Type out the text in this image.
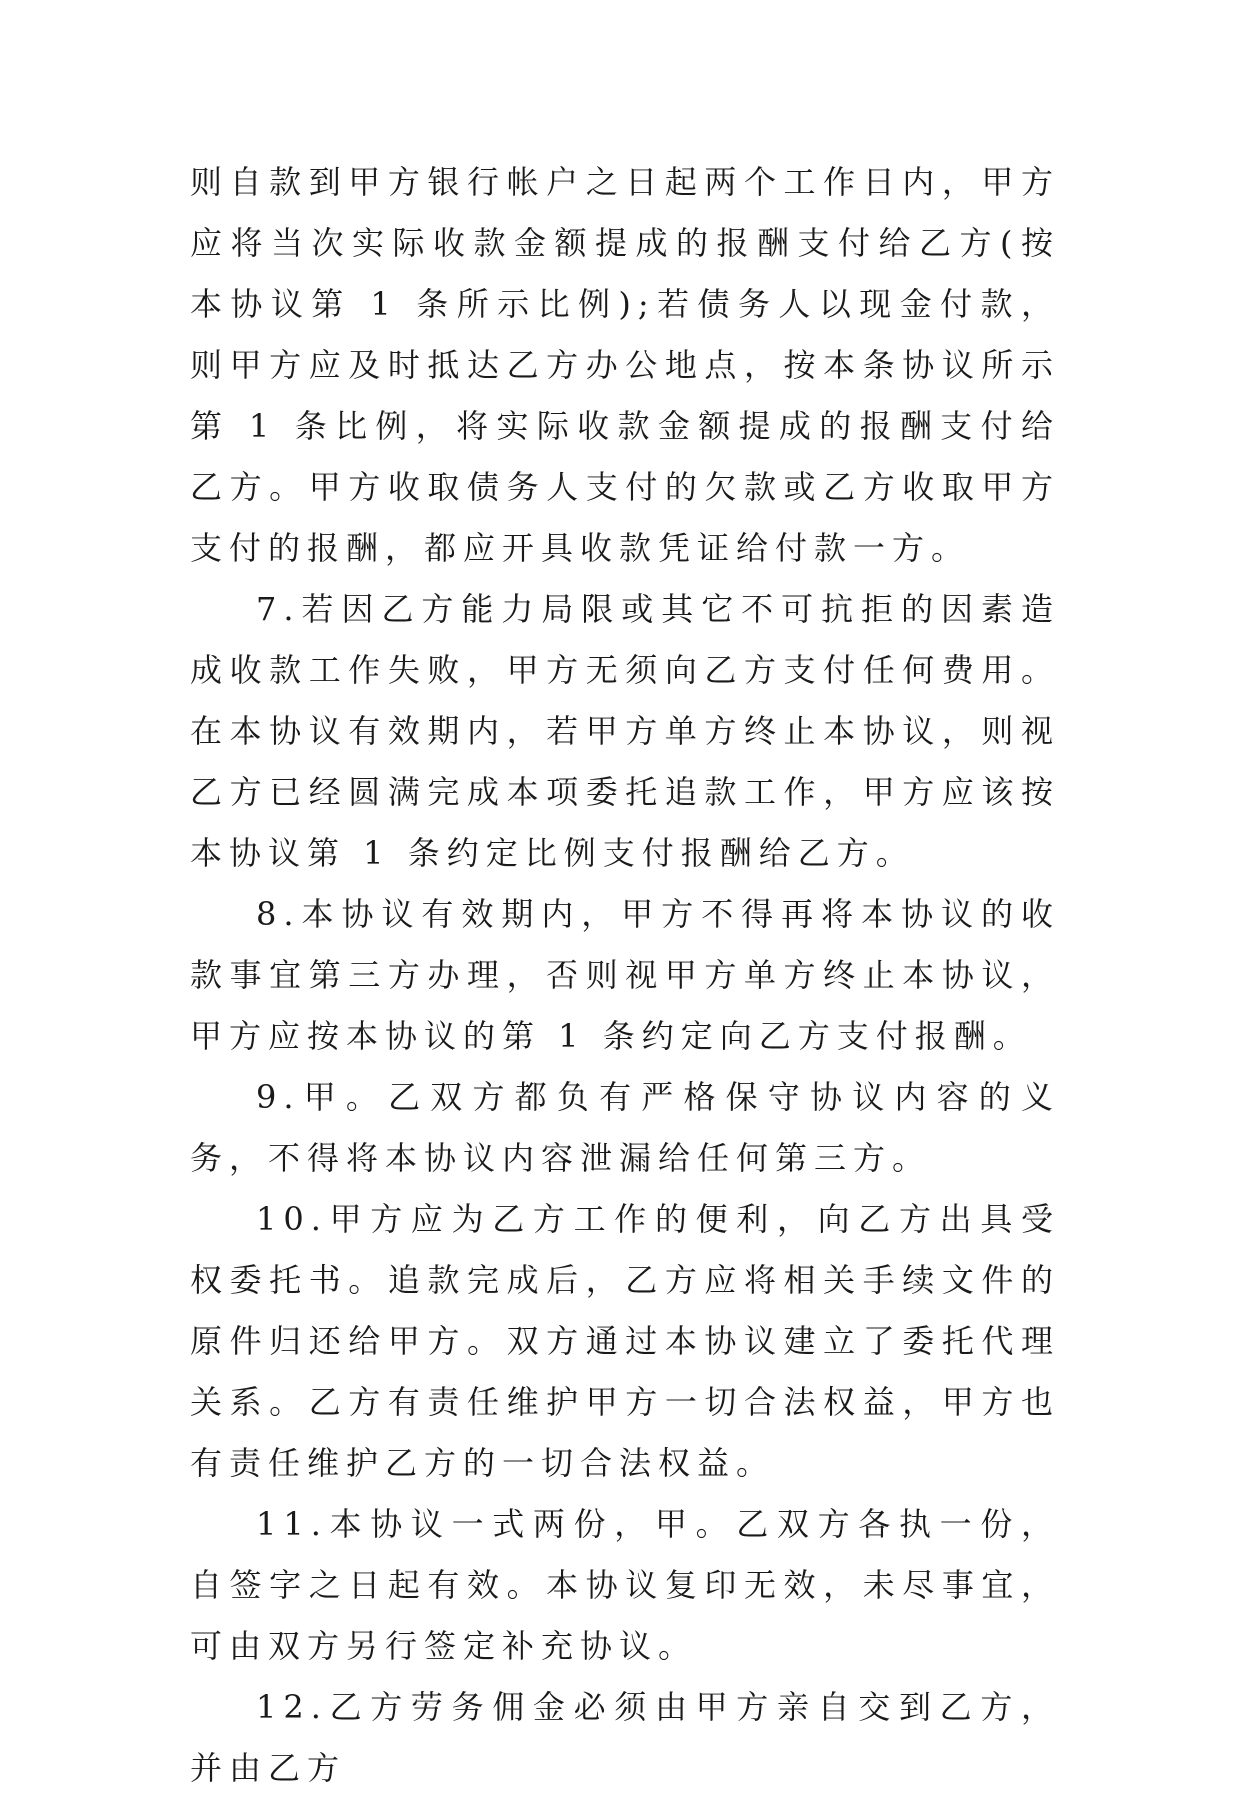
则自款到甲方银行帐户之日起两个工作日内，甲方应将当次实际收款金额提成的报酬支付给乙方(按本协议第 1 条所示比例);若债务人以现金付款，则甲方应及时抵达乙方办公地点，按本条协议所示第 1 条比例，将实际收款金额提成的报酬支付给乙方。甲方收取债务人支付的欠款或乙方收取甲方支付的报酬，都应开具收款凭证给付款一方。

7.若因乙方能力局限或其它不可抗拒的因素造成收款工作失败，甲方无须向乙方支付任何费用。在本协议有效期内，若甲方单方终止本协议，则视乙方已经圆满完成本项委托追款工作，甲方应该按本协议第 1 条约定比例支付报酬给乙方。

8.本协议有效期内，甲方不得再将本协议的收款事宜第三方办理，否则视甲方单方终止本协议，甲方应按本协议的第 1 条约定向乙方支付报酬。

9.甲。乙双方都负有严格保守协议内容的义务，不得将本协议内容泄漏给任何第三方。

10.甲方应为乙方工作的便利，向乙方出具受权委托书。追款完成后，乙方应将相关手续文件的原件归还给甲方。双方通过本协议建立了委托代理关系。乙方有责任维护甲方一切合法权益，甲方也有责任维护乙方的一切合法权益。

11.本协议一式两份，甲。乙双方各执一份，自签字之日起有效。本协议复印无效，未尽事宜，可由双方另行签定补充协议。

12.乙方劳务佣金必须由甲方亲自交到乙方，并由乙方
